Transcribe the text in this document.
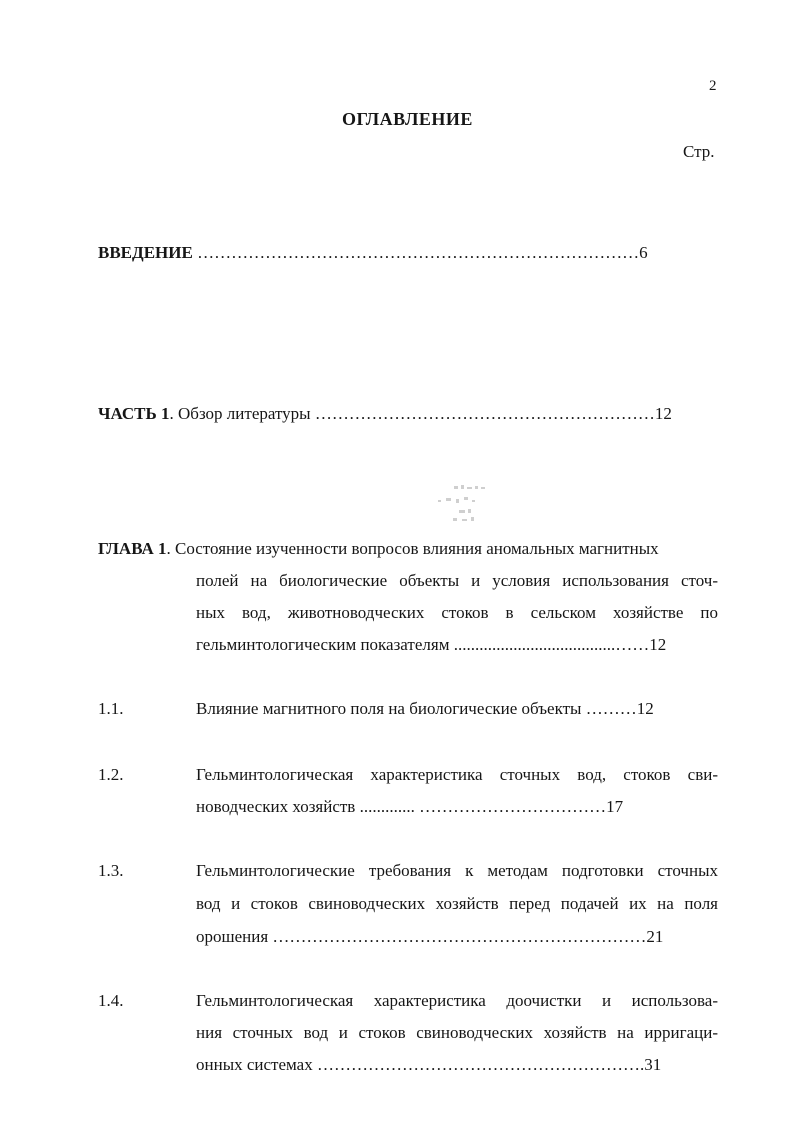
2
ОГЛАВЛЕНИЕ
Стр.
ВВЕДЕНИЕ ……………………………………………………………………6
ЧАСТЬ 1. Обзор литературы ……………………………………………………12
ГЛАВА 1. Состояние изученности вопросов влияния аномальных магнитных
полей на биологические объекты и условия использования сточ-
ных вод, животноводческих стоков в сельском хозяйстве по
гельминтологическим показателям ......................................……12
1.1.	Влияние магнитного поля на биологические объекты ………12
1.2.	Гельминтологическая характеристика сточных вод, стоков сви-
новодческих хозяйств ............. ……………………………17
1.3.	Гельминтологические требования к методам подготовки сточных
вод и стоков свиноводческих хозяйств перед подачей их на поля
орошения …………………………………………………………21
1.4.	Гельминтологическая характеристика доочистки и использова-
ния сточных вод и стоков свиноводческих хозяйств на ирригаци-
онных системах ………………………………………………….31
